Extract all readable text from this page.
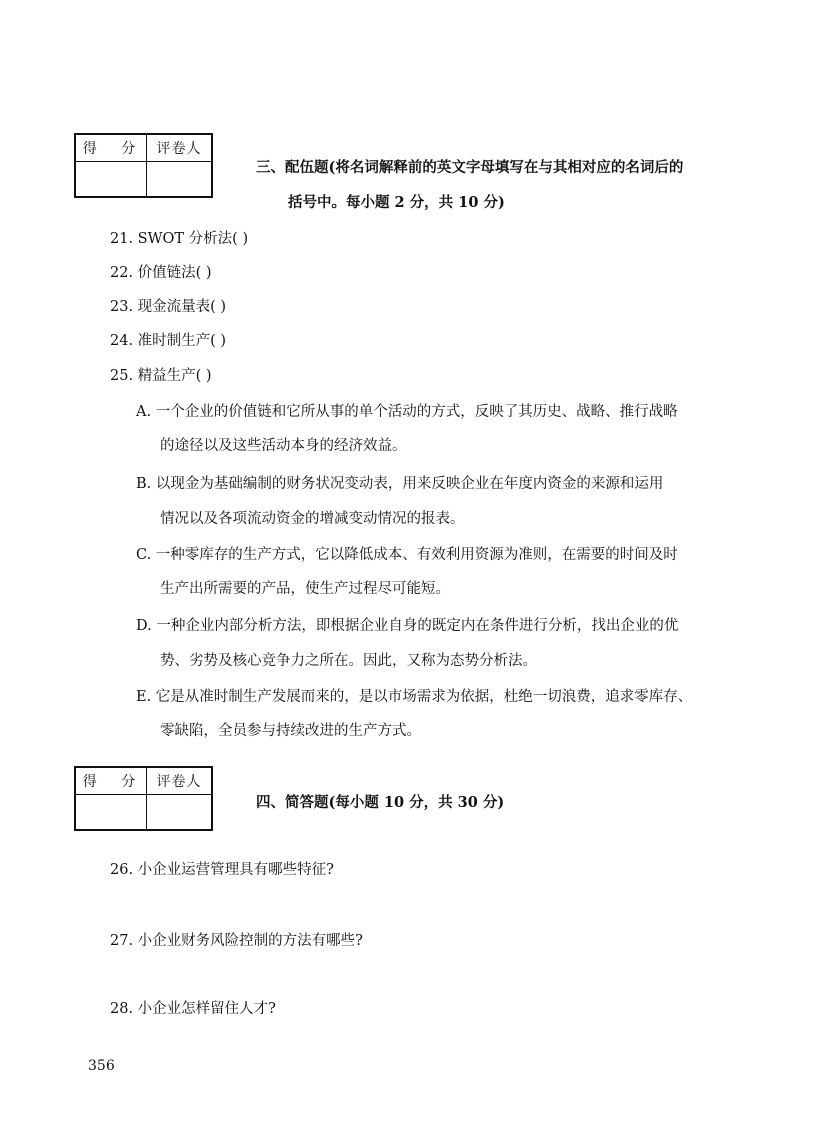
得 分	评卷人

三、配伍题(将名词解释前的英文字母填写在与其相对应的名词后的
括号中。每小题 2 分，共 10 分)
21. SWOT 分析法( )
22. 价值链法( )
23. 现金流量表( )
24. 准时制生产( )
25. 精益生产( )
A. 一个企业的价值链和它所从事的单个活动的方式，反映了其历史、战略、推行战略
的途径以及这些活动本身的经济效益。
B. 以现金为基础编制的财务状况变动表，用来反映企业在年度内资金的来源和运用
情况以及各项流动资金的增减变动情况的报表。
C. 一种零库存的生产方式，它以降低成本、有效利用资源为准则，在需要的时间及时
生产出所需要的产品，使生产过程尽可能短。
D. 一种企业内部分析方法，即根据企业自身的既定内在条件进行分析，找出企业的优
势、劣势及核心竞争力之所在。因此，又称为态势分析法。
E. 它是从准时制生产发展而来的，是以市场需求为依据，杜绝一切浪费，追求零库存、
零缺陷，全员参与持续改进的生产方式。
得 分	评卷人

四、简答题(每小题 10 分，共 30 分)
26. 小企业运营管理具有哪些特征?
27. 小企业财务风险控制的方法有哪些?
28. 小企业怎样留住人才?
356
